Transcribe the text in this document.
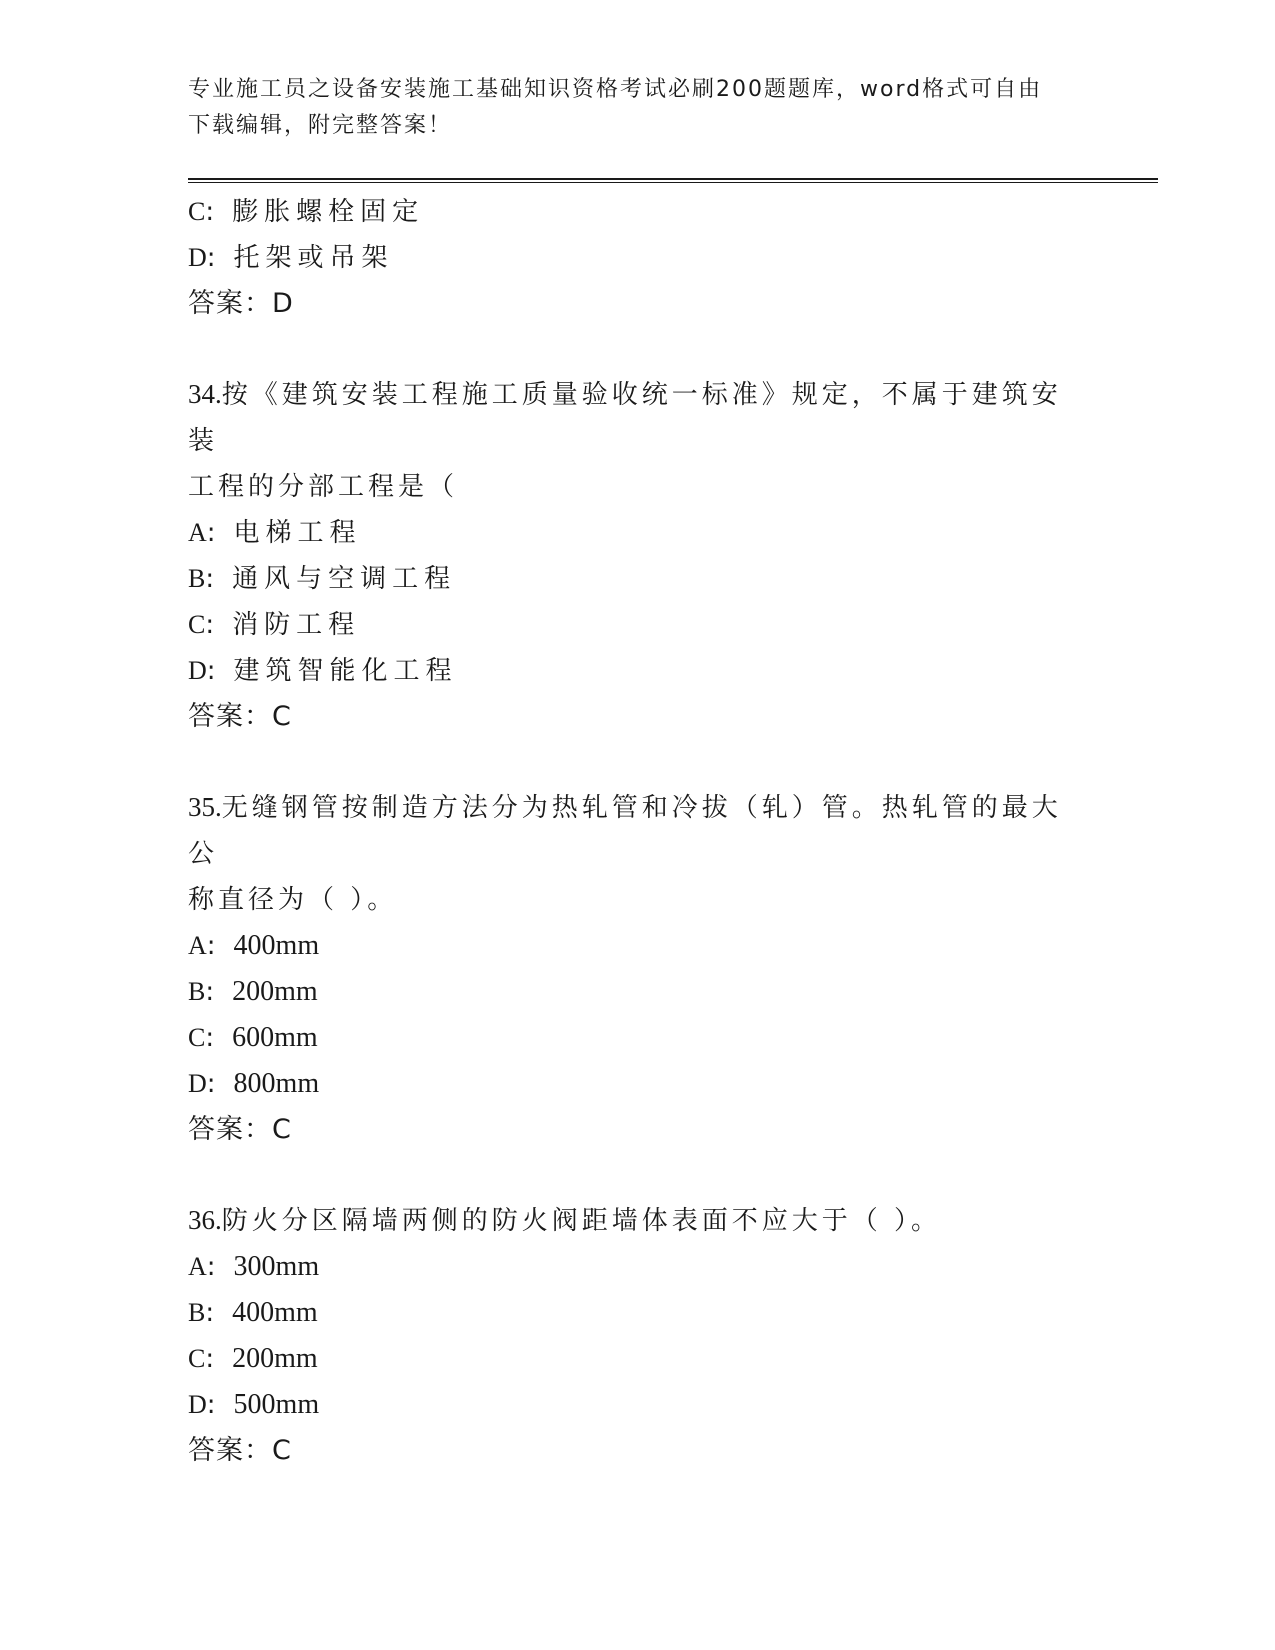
专业施工员之设备安装施工基础知识资格考试必刷200题题库，word格式可自由
下载编辑，附完整答案！
C: 膨胀螺栓固定
D: 托架或吊架
答案：D
34.按《建筑安装工程施工质量验收统一标准》规定，不属于建筑安装
工程的分部工程是（
A: 电梯工程
B: 通风与空调工程
C: 消防工程
D: 建筑智能化工程
答案：C
35.无缝钢管按制造方法分为热轧管和冷拔（轧）管。热轧管的最大公
称直径为（ ）。
A: 400mm
B: 200mm
C: 600mm
D: 800mm
答案：C
36.防火分区隔墙两侧的防火阀距墙体表面不应大于（ ）。
A: 300mm
B: 400mm
C: 200mm
D: 500mm
答案：C
